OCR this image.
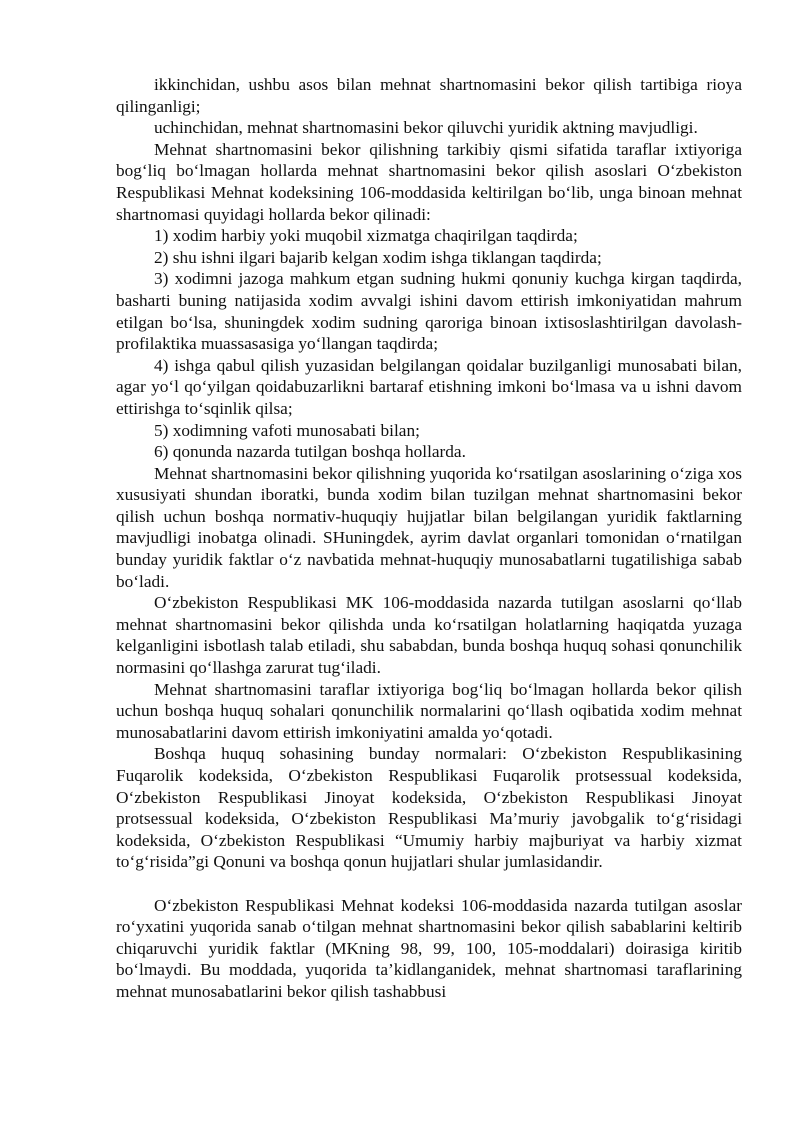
ikkinchidan, ushbu asos bilan mehnat shartnomasini bekor qilish tartibiga rioya qilinganligi;

uchinchidan, mehnat shartnomasini bekor qiluvchi yuridik aktning mavjudligi.

Mehnat shartnomasini bekor qilishning tarkibiy qismi sifatida taraflar ixtiyoriga bog‘liq bo‘lmagan hollarda mehnat shartnomasini bekor qilish asoslari O‘zbekiston Respublikasi Mehnat kodeksining 106-moddasida keltirilgan bo‘lib, unga binoan mehnat shartnomasi quyidagi hollarda bekor qilinadi:

1) xodim harbiy yoki muqobil xizmatga chaqirilgan taqdirda;

2) shu ishni ilgari bajarib kelgan xodim ishga tiklangan taqdirda;

3) xodimni jazoga mahkum etgan sudning hukmi qonuniy kuchga kirgan taqdirda, basharti buning natijasida xodim avvalgi ishini davom ettirish imkoniyatidan mahrum etilgan bo‘lsa, shuningdek xodim sudning qaroriga binoan ixtisoslashtirilgan davolash-profilaktika muassasasiga yo‘llangan taqdirda;

4) ishga qabul qilish yuzasidan belgilangan qoidalar buzilganligi munosabati bilan, agar yo‘l qo‘yilgan qoidabuzarlikni bartaraf etishning imkoni bo‘lmasa va u ishni davom ettirishga to‘sqinlik qilsa;

5) xodimning vafoti munosabati bilan;

6) qonunda nazarda tutilgan boshqa hollarda.

Mehnat shartnomasini bekor qilishning yuqorida ko‘rsatilgan asoslarining o‘ziga xos xususiyati shundan iboratki, bunda xodim bilan tuzilgan mehnat shartnomasini bekor qilish uchun boshqa normativ-huquqiy hujjatlar bilan belgilangan yuridik faktlarning mavjudligi inobatga olinadi. SHuningdek, ayrim davlat organlari tomonidan o‘rnatilgan bunday yuridik faktlar o‘z navbatida mehnat-huquqiy munosabatlarni tugatilishiga sabab bo‘ladi.

O‘zbekiston Respublikasi MK 106-moddasida nazarda tutilgan asoslarni qo‘llab mehnat shartnomasini bekor qilishda unda ko‘rsatilgan holatlarning haqiqatda yuzaga kelganligini isbotlash talab etiladi, shu sababdan, bunda boshqa huquq sohasi qonunchilik normasini qo‘llashga zarurat tug‘iladi.

Mehnat shartnomasini taraflar ixtiyoriga bog‘liq bo‘lmagan hollarda bekor qilish uchun boshqa huquq sohalari qonunchilik normalarini qo‘llash oqibatida xodim mehnat munosabatlarini davom ettirish imkoniyatini amalda yo‘qotadi.

Boshqa huquq sohasining bunday normalari: O‘zbekiston Respublikasining Fuqarolik kodeksida, O‘zbekiston Respublikasi Fuqarolik protsessual kodeksida, O‘zbekiston Respublikasi Jinoyat kodeksida, O‘zbekiston Respublikasi Jinoyat protsessual kodeksida, O‘zbekiston Respublikasi Ma’muriy javobgalik to‘g‘risidagi kodeksida, O‘zbekiston Respublikasi “Umumiy harbiy majburiyat va harbiy xizmat to‘g‘risida”gi Qonuni va boshqa qonun hujjatlari shular jumlasidandir.

O‘zbekiston Respublikasi Mehnat kodeksi 106-moddasida nazarda tutilgan asoslar ro‘yxatini yuqorida sanab o‘tilgan mehnat shartnomasini bekor qilish sabablarini keltirib chiqaruvchi yuridik faktlar (MKning 98, 99, 100, 105-moddalari) doirasiga kiritib bo‘lmaydi. Bu moddada, yuqorida ta’kidlanganidek, mehnat shartnomasi taraflarining mehnat munosabatlarini bekor qilish tashabbusi
